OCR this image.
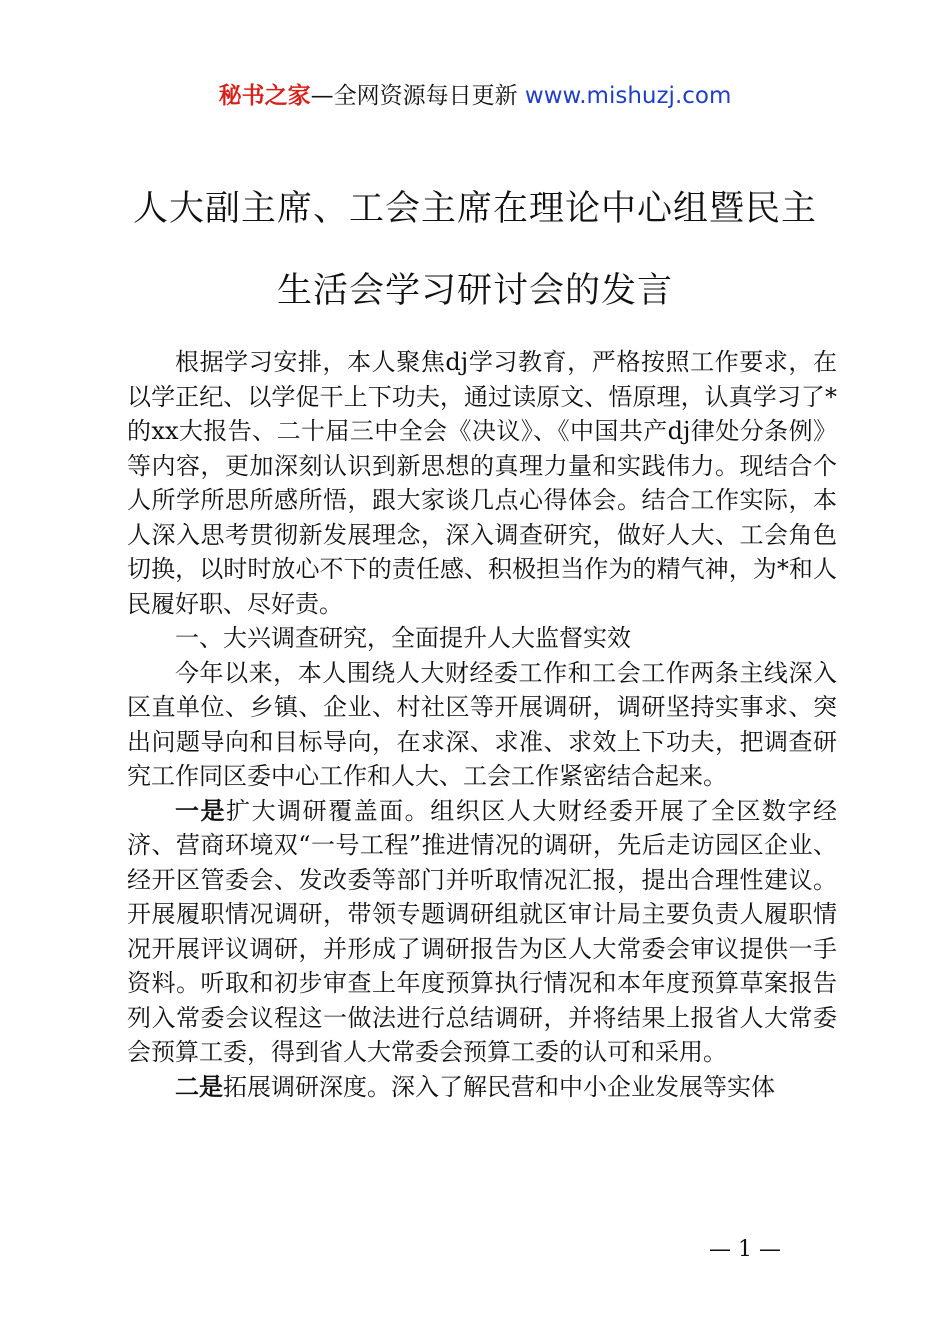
秘书之家—全网资源每日更新 www.mishuzj.com
人大副主席、工会主席在理论中心组暨民主
生活会学习研讨会的发言

根据学习安排，本人聚焦dj学习教育，严格按照工作要求，在以学正纪、以学促干上下功夫，通过读原文、悟原理，认真学习了*的xx大报告、二十届三中全会《决议》、《中国共产dj律处分条例》等内容，更加深刻认识到新思想的真理力量和实践伟力。现结合个人所学所思所感所悟，跟大家谈几点心得体会。结合工作实际，本人深入思考贯彻新发展理念，深入调查研究，做好人大、工会角色切换，以时时放心不下的责任感、积极担当作为的精气神，为*和人民履好职、尽好责。

一、大兴调查研究，全面提升人大监督实效

今年以来，本人围绕人大财经委工作和工会工作两条主线深入区直单位、乡镇、企业、村社区等开展调研，调研坚持实事求、突出问题导向和目标导向，在求深、求准、求效上下功夫，把调查研究工作同区委中心工作和人大、工会工作紧密结合起来。

一是扩大调研覆盖面。组织区人大财经委开展了全区数字经济、营商环境双“一号工程”推进情况的调研，先后走访园区企业、经开区管委会、发改委等部门并听取情况汇报，提出合理性建议。开展履职情况调研，带领专题调研组就区审计局主要负责人履职情况开展评议调研，并形成了调研报告为区人大常委会审议提供一手资料。听取和初步审查上年度预算执行情况和本年度预算草案报告列入常委会议程这一做法进行总结调研，并将结果上报省人大常委会预算工委，得到省人大常委会预算工委的认可和采用。

二是拓展调研深度。深入了解民营和中小企业发展等实体

— 1 —
